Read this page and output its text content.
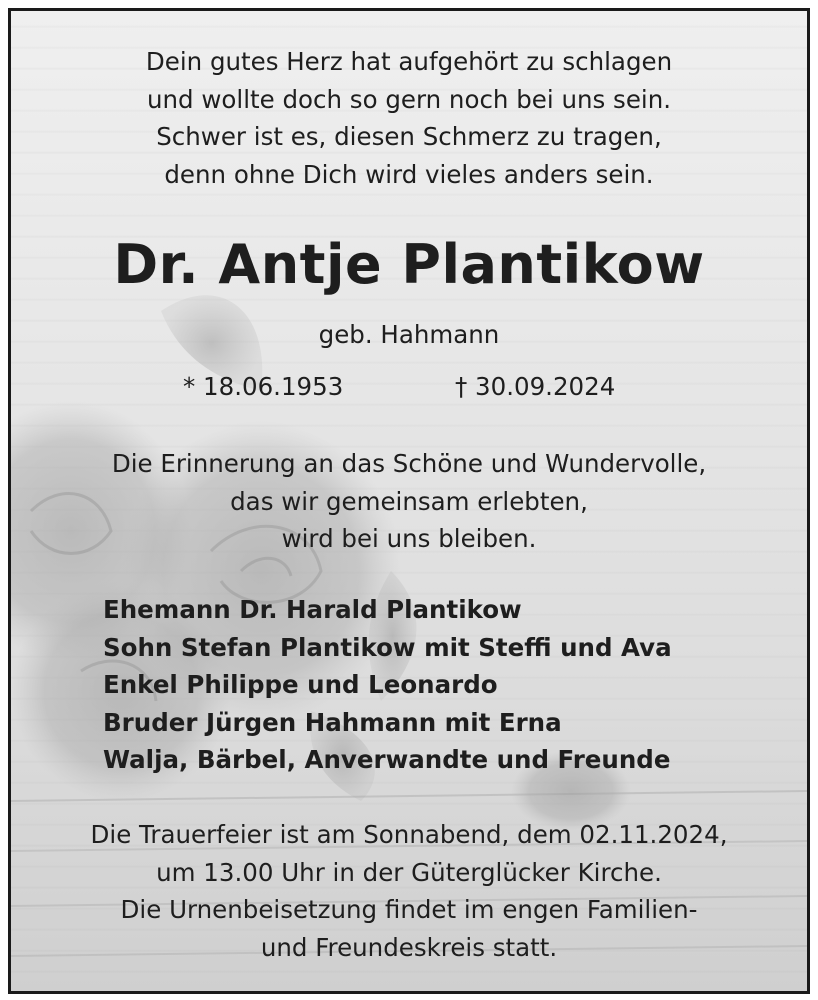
Dein gutes Herz hat aufgehört zu schlagen
und wollte doch so gern noch bei uns sein.
Schwer ist es, diesen Schmerz zu tragen,
denn ohne Dich wird vieles anders sein.
Dr. Antje Plantikow
geb. Hahmann
* 18.06.1953	† 30.09.2024
Die Erinnerung an das Schöne und Wundervolle,
das wir gemeinsam erlebten,
wird bei uns bleiben.
Ehemann Dr. Harald Plantikow
Sohn Stefan Plantikow mit Steffi und Ava
Enkel Philippe und Leonardo
Bruder Jürgen Hahmann mit Erna
Walja, Bärbel, Anverwandte und Freunde
Die Trauerfeier ist am Sonnabend, dem 02.11.2024,
um 13.00 Uhr in der Güterglücker Kirche.
Die Urnenbeisetzung findet im engen Familien-
und Freundeskreis statt.
